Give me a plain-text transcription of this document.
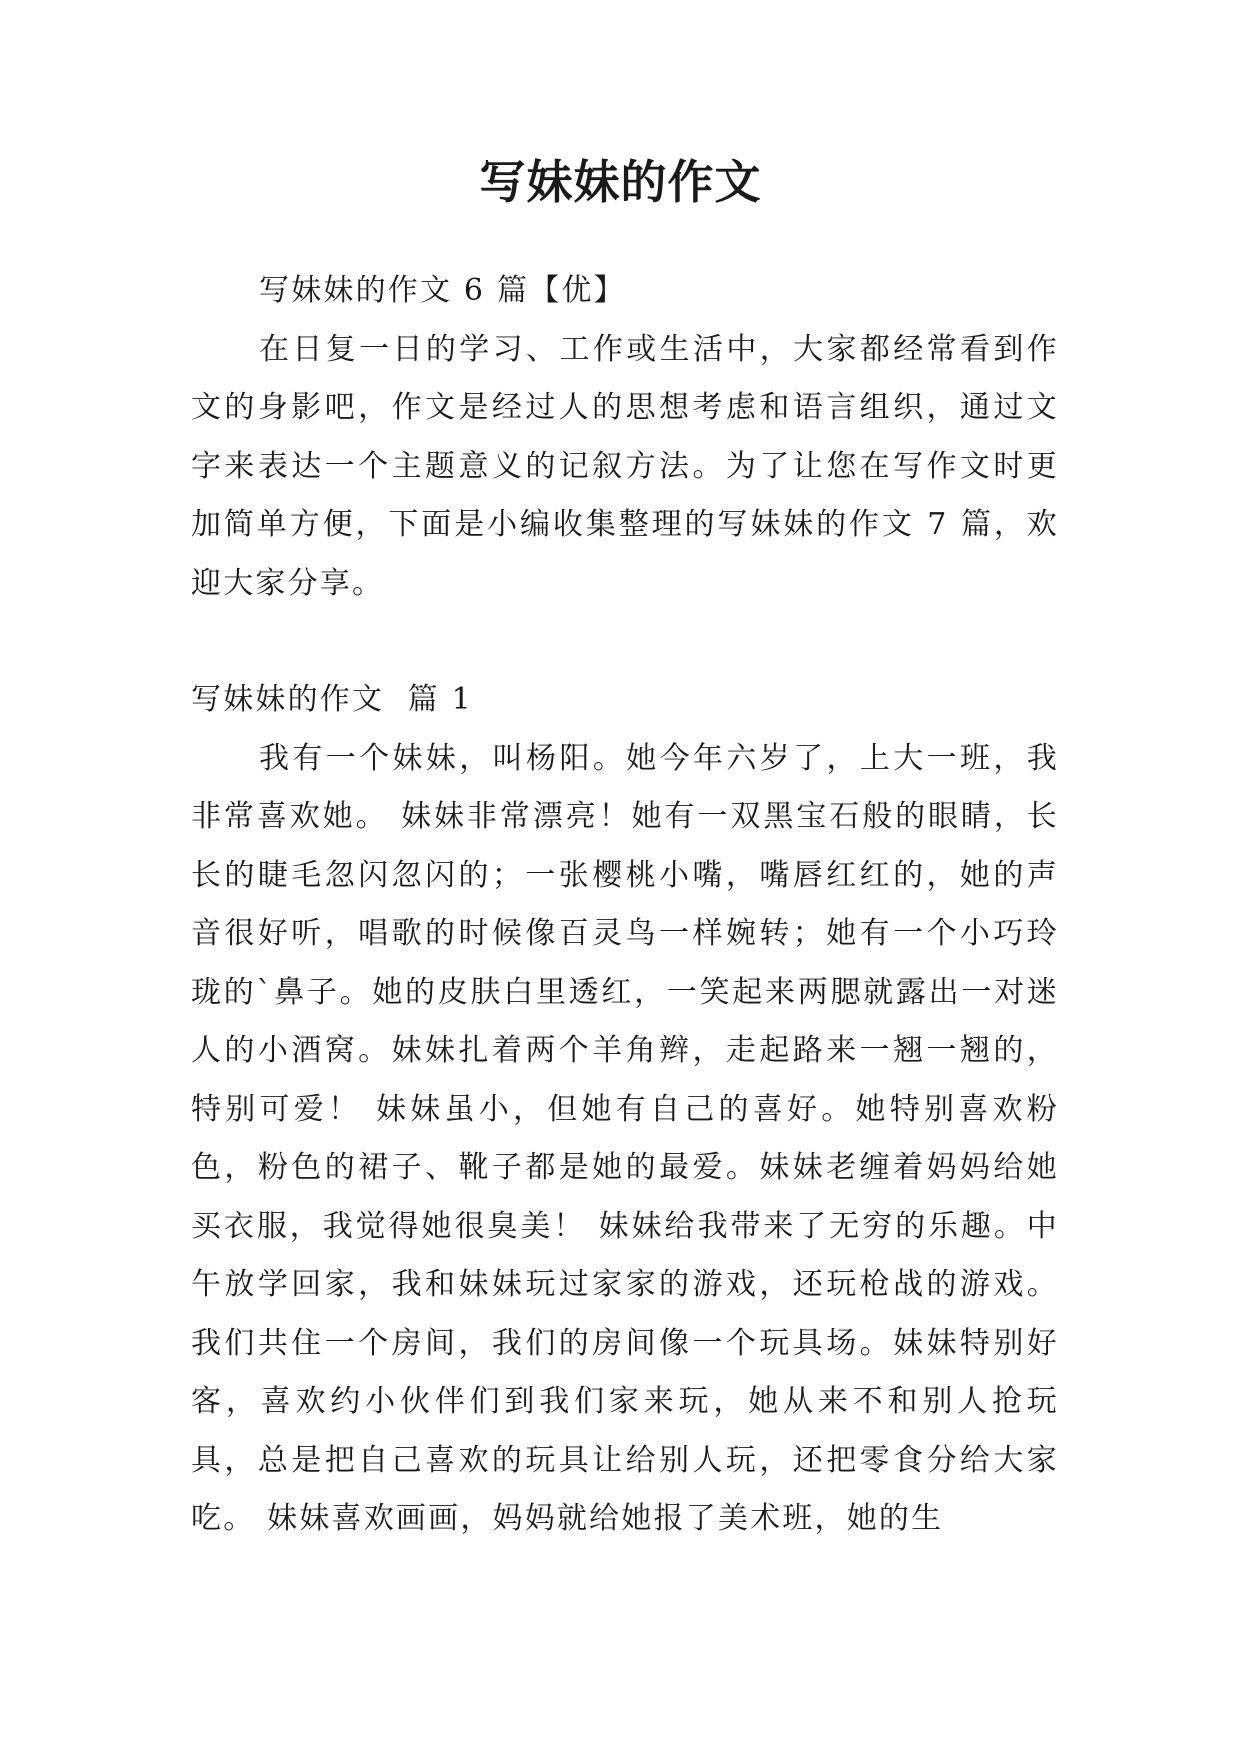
写妹妹的作文

写妹妹的作文 6 篇【优】

在日复一日的学习、工作或生活中，大家都经常看到作文的身影吧，作文是经过人的思想考虑和语言组织，通过文字来表达一个主题意义的记叙方法。为了让您在写作文时更加简单方便，下面是小编收集整理的写妹妹的作文 7 篇，欢迎大家分享。

写妹妹的作文  篇 1

我有一个妹妹，叫杨阳。她今年六岁了，上大一班，我非常喜欢她。 妹妹非常漂亮！她有一双黑宝石般的眼睛，长长的睫毛忽闪忽闪的；一张樱桃小嘴，嘴唇红红的，她的声音很好听，唱歌的时候像百灵鸟一样婉转；她有一个小巧玲珑的`鼻子。她的皮肤白里透红，一笑起来两腮就露出一对迷人的小酒窝。妹妹扎着两个羊角辫，走起路来一翘一翘的，特别可爱！ 妹妹虽小，但她有自己的喜好。她特别喜欢粉色，粉色的裙子、靴子都是她的最爱。妹妹老缠着妈妈给她买衣服，我觉得她很臭美！ 妹妹给我带来了无穷的乐趣。中午放学回家，我和妹妹玩过家家的游戏，还玩枪战的游戏。我们共住一个房间，我们的房间像一个玩具场。妹妹特别好客，喜欢约小伙伴们到我们家来玩，她从来不和别人抢玩具，总是把自己喜欢的玩具让给别人玩，还把零食分给大家吃。 妹妹喜欢画画，妈妈就给她报了美术班，她的生
